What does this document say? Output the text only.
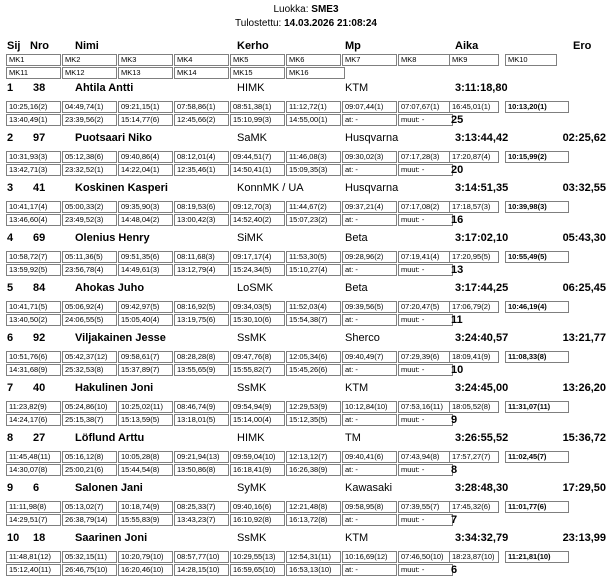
Luokka: SME3
Tulostettu: 14.03.2026 21:08:24
Sij Nro Nimi	Kerho	Mp	Aika	Ero
MK1	MK2	MK3	MK4	MK5	MK6	MK7	MK8	MK9	MK10
MK11	MK12	MK13	MK14	MK15	MK16
1 38	Ahtila Antti	HIMK	KTM	3:11:18,80
10:25,16(2)	04:49,74(1)	09:21,15(1)	07:58,86(1)	08:51,38(1)	11:12,72(1)	09:07,44(1)	07:07,67(1)	16:45,01(1)	10:13,20(1)
13:40,49(1)	23:39,56(2)	15:14,77(6)	12:45,66(2)	15:10,99(3)	14:55,00(1)	at: -	muut: -	25
2 97	Puotsaari Niko	SaMK	Husqvarna	3:13:44,42	02:25,62
10:31,93(3)	05:12,38(6)	09:40,86(4)	08:12,01(4)	09:44,51(7)	11:46,08(3)	09:30,02(3)	07:17,28(3)	17:20,87(4)	10:15,99(2)
13:42,71(3)	23:32,52(1)	14:22,04(1)	12:35,46(1)	14:50,41(1)	15:09,35(3)	at: -	muut: -	20
3 41	Koskinen Kasperi	KonnMK / UA	Husqvarna	3:14:51,35	03:32,55
10:41,17(4)	05:00,33(2)	09:35,90(3)	08:19,53(6)	09:12,70(3)	11:44,67(2)	09:37,21(4)	07:17,08(2)	17:18,57(3)	10:39,98(3)
13:46,60(4)	23:49,52(3)	14:48,04(2)	13:00,42(3)	14:52,40(2)	15:07,23(2)	at: -	muut: -	16
4 69	Olenius Henry	SiMK	Beta	3:17:02,10	05:43,30
10:58,72(7)	05:11,36(5)	09:51,35(6)	08:11,68(3)	09:17,17(4)	11:53,30(5)	09:28,96(2)	07:19,41(4)	17:20,95(5)	10:55,49(5)
13:59,92(5)	23:56,78(4)	14:49,61(3)	13:12,79(4)	15:24,34(5)	15:10,27(4)	at: -	muut: -	13
5 84	Ahokas Juho	LoSMK	Beta	3:17:44,25	06:25,45
10:41,71(5)	05:06,92(4)	09:42,97(5)	08:16,92(5)	09:34,03(5)	11:52,03(4)	09:39,56(5)	07:20,47(5)	17:06,79(2)	10:46,19(4)
13:40,50(2)	24:06,55(5)	15:05,40(4)	13:19,75(6)	15:30,10(6)	15:54,38(7)	at: -	muut: -	11
6 92	Viljakainen Jesse	SsMK	Sherco	3:24:40,57	13:21,77
10:51,76(6)	05:42,37(12)	09:58,61(7)	08:28,28(8)	09:47,76(8)	12:05,34(6)	09:40,49(7)	07:29,39(6)	18:09,41(9)	11:08,33(8)
14:31,68(9)	25:32,53(8)	15:37,89(7)	13:55,65(9)	15:55,82(7)	15:45,26(6)	at: -	muut: -	10
7 40	Hakulinen Joni	SsMK	KTM	3:24:45,00	13:26,20
11:23,82(9)	05:24,86(10)	10:25,02(11)	08:46,74(9)	09:54,94(9)	12:29,53(9)	10:12,84(10)	07:53,16(11)	18:05,52(8)	11:31,07(11)
14:24,17(6)	25:15,38(7)	15:13,59(5)	13:18,01(5)	15:14,00(4)	15:12,35(5)	at: -	muut: -	9
8 27	Löflund Arttu	HIMK	TM	3:26:55,52	15:36,72
11:45,48(11)	05:16,12(8)	10:05,28(8)	09:21,94(13)	09:59,04(10)	12:13,12(7)	09:40,41(6)	07:43,94(8)	17:57,27(7)	11:02,45(7)
14:30,07(8)	25:00,21(6)	15:44,54(8)	13:50,86(8)	16:18,41(9)	16:26,38(9)	at: -	muut: -	8
9 6	Salonen Jani	SyMK	Kawasaki	3:28:48,30	17:29,50
11:11,98(8)	05:13,02(7)	10:18,74(9)	08:25,33(7)	09:40,16(6)	12:21,48(8)	09:58,95(8)	07:39,55(7)	17:45,32(6)	11:01,77(6)
14:29,51(7)	26:38,79(14)	15:55,83(9)	13:43,23(7)	16:10,92(8)	16:13,72(8)	at: -	muut: -	7
10 18	Saarinen Joni	SsMK	KTM	3:34:32,79	23:13,99
11:48,81(12)	05:32,15(11)	10:20,79(10)	08:57,77(10)	10:29,55(13)	12:54,31(11)	10:16,69(12)	07:46,50(10)	18:23,87(10)	11:21,81(10)
15:12,40(11)	26:46,75(10)	16:20,46(10)	14:28,15(10)	16:59,65(10)	16:53,13(10)	at: -	muut: -	6
